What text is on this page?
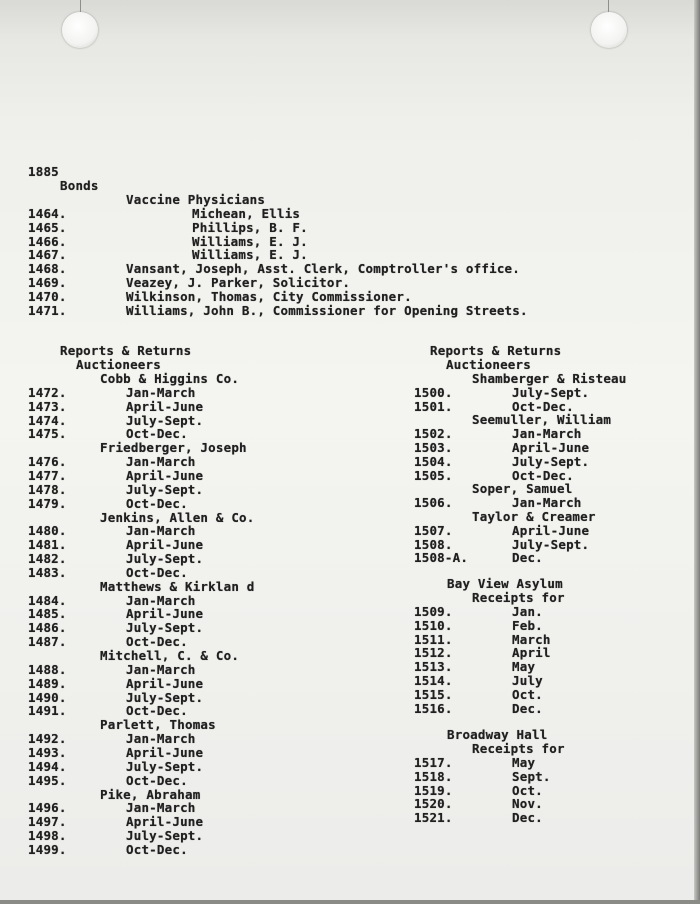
1885
Bonds
Vaccine Physicians
1464.	Michean, Ellis
1465.	Phillips, B. F.
1466.	Williams, E. J.
1467.	Williams, E. J.
1468.	Vansant, Joseph, Asst. Clerk, Comptroller's office.
1469.	Veazey, J. Parker, Solicitor.
1470.	Wilkinson, Thomas, City Commissioner.
1471.	Williams, John B., Commissioner for Opening Streets.
Reports & Returns
Auctioneers
Cobb & Higgins Co.
1472.	Jan-March
1473.	April-June
1474.	July-Sept.
1475.	Oct-Dec.
Friedberger, Joseph
1476.	Jan-March
1477.	April-June
1478.	July-Sept.
1479.	Oct-Dec.
Jenkins, Allen & Co.
1480.	Jan-March
1481.	April-June
1482.	July-Sept.
1483.	Oct-Dec.
Matthews & Kirklan d
1484.	Jan-March
1485.	April-June
1486.	July-Sept.
1487.	Oct-Dec.
Mitchell, C. & Co.
1488.	Jan-March
1489.	April-June
1490.	July-Sept.
1491.	Oct-Dec.
Parlett, Thomas
1492.	Jan-March
1493.	April-June
1494.	July-Sept.
1495.	Oct-Dec.
Pike, Abraham
1496.	Jan-March
1497.	April-June
1498.	July-Sept.
1499.	Oct-Dec.
Reports & Returns
Auctioneers
Shamberger & Risteau
1500.	July-Sept.
1501.	Oct-Dec.
Seemuller, William
1502.	Jan-March
1503.	April-June
1504.	July-Sept.
1505.	Oct-Dec.
Soper, Samuel
1506.	Jan-March
Taylor & Creamer
1507.	April-June
1508.	July-Sept.
1508-A.	Dec.
Bay View Asylum
Receipts for
1509.	Jan.
1510.	Feb.
1511.	March
1512.	April
1513.	May
1514.	July
1515.	Oct.
1516.	Dec.
Broadway Hall
Receipts for
1517.	May
1518.	Sept.
1519.	Oct.
1520.	Nov.
1521.	Dec.
